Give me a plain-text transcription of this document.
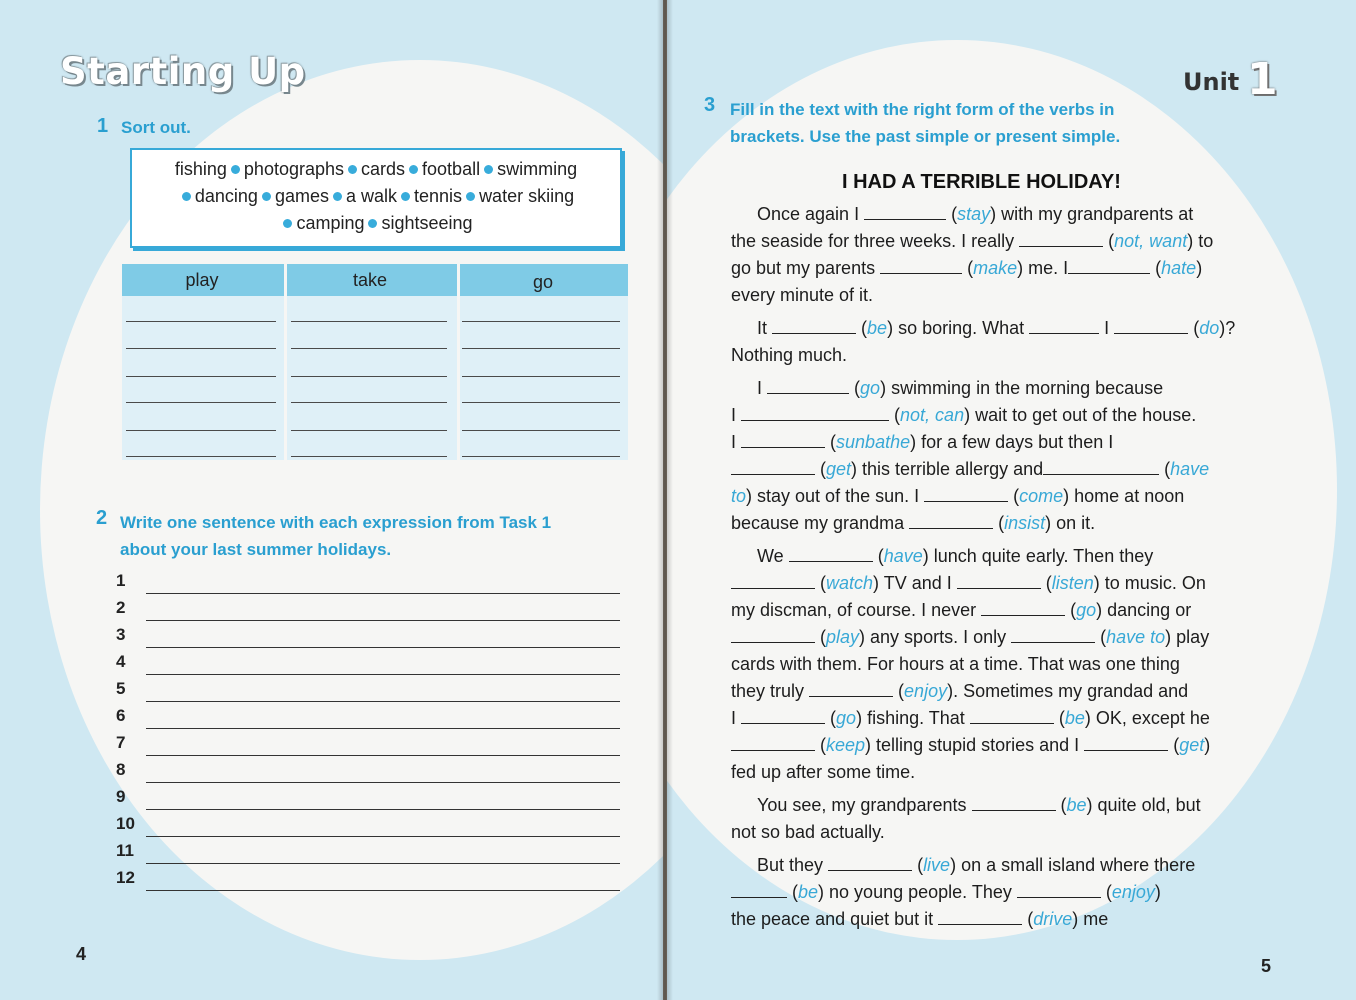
Starting Up
1 Sort out.
fishing photographs cards football swimming
dancing games a walk tennis water skiing
camping sightseeing
play	take	go
2 Write one sentence with each expression from Task 1
about your last summer holidays.
1
2
3
4
5
6
7
8
9
10
11
12
4
Unit 1
3 Fill in the text with the right form of the verbs in
brackets. Use the past simple or present simple.
I HAD A TERRIBLE HOLIDAY!
Once again I	(stay) with my grandparents at
the seaside for three weeks. I really	(not, want) to
go but my parents	(make) me. I	(hate)
every minute of it.
It	(be) so boring. What	I	(do)?
Nothing much.
I	(go) swimming in the morning because
I	(not, can) wait to get out of the house.
I	(sunbathe) for a few days but then I
(get) this terrible allergy and	(have
to) stay out of the sun. I	(come) home at noon
because my grandma	(insist) on it.
We	(have) lunch quite early. Then they
(watch) TV and I	(listen) to music. On
my discman, of course. I never	(go) dancing or
(play) any sports. I only	(have to) play
cards with them. For hours at a time. That was one thing
they truly	(enjoy). Sometimes my grandad and
I	(go) fishing. That	(be) OK, except he
(keep) telling stupid stories and I	(get)
fed up after some time.
You see, my grandparents	(be) quite old, but
not so bad actually.
But they	(live) on a small island where there
(be) no young people. They	(enjoy)
the peace and quiet but it	(drive) me
5
